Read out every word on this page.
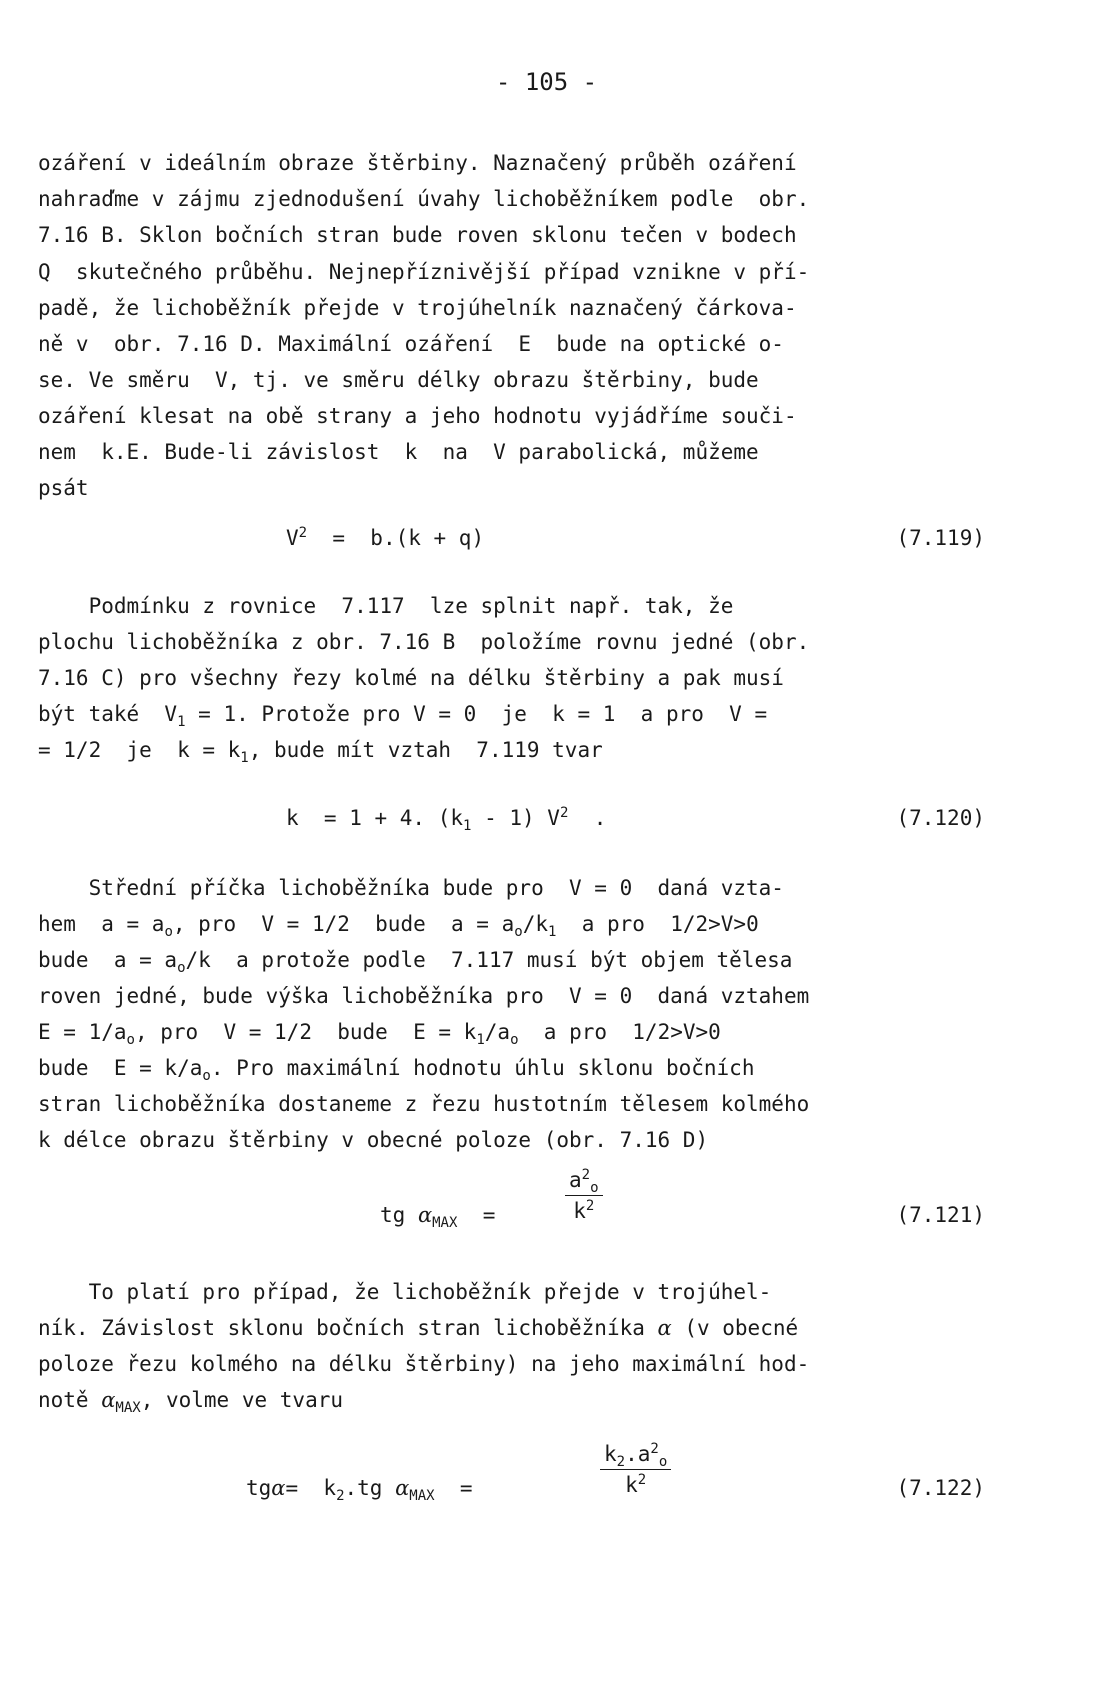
- 105 -
ozáření v ideálním obraze štěrbiny. Naznačený průběh ozáření
nahraďme v zájmu zjednodušení úvahy lichoběžníkem podle  obr.
7.16 B. Sklon bočních stran bude roven sklonu tečen v bodech
Q  skutečného průběhu. Nejnepříznivější případ vznikne v pří-
padě, že lichoběžník přejde v trojúhelník naznačený čárkova-
ně v  obr. 7.16 D. Maximální ozáření  E  bude na optické o-
se. Ve směru  V, tj. ve směru délky obrazu štěrbiny, bude
ozáření klesat na obě strany a jeho hodnotu vyjádříme souči-
nem  k.E. Bude-li závislost  k  na  V parabolická, můžeme
psát
$V^2 = b.(k + q)$	(7.119)
Podmínku z rovnice  7.117  lze splnit např. tak, že
plochu lichoběžníka z obr. 7.16 B  položíme rovnu jedné (obr.
7.16 C) pro všechny řezy kolmé na délku štěrbiny a pak musí
být také  $V_1 = 1$. Protože pro V = 0  je  k = 1  a pro  V =
= 1/2  je  $k = k_1$, bude mít vztah  7.119 tvar
k  = 1 + 4. $(k_1 - 1)$ $V^2$  .	(7.120)
Střední příčka lichoběžníka bude pro  V = 0  daná vzta-
hem  $a = a_o$, pro  V = 1/2  bude  $a = a_o/k_1$  a pro  1/2>V>0
bude  $a = a_o/k$  a protože podle  7.117 musí být objem tělesa
roven jedné, bude výška lichoběžníka pro  V = 0  daná vztahem
$E = 1/a_o$, pro  V = 1/2  bude  $E = k_1/a_o$  a pro  1/2>V>0
bude  $E = k/a_o$. Pro maximální hodnotu úhlu sklonu bočních
stran lichoběžníka dostaneme z řezu hustotním tělesem kolmého
k délce obrazu štěrbiny v obecné poloze (obr. 7.16 D)
tg $\alpha_{MAX}$  =
$a^2_o$
$k^2$	(7.121)
To platí pro případ, že lichoběžník přejde v trojúhel-
ník. Závislost sklonu bočních stran lichoběžníka α (v obecné
poloze řezu kolmého na délku štěrbiny) na jeho maximální hod-
notě $\alpha_{MAX}$, volme ve tvaru
$tg\alpha= k_2.tg$ $\alpha_{MAX}$  =
$k_2.a^2_o$
$k^2$	(7.122)
